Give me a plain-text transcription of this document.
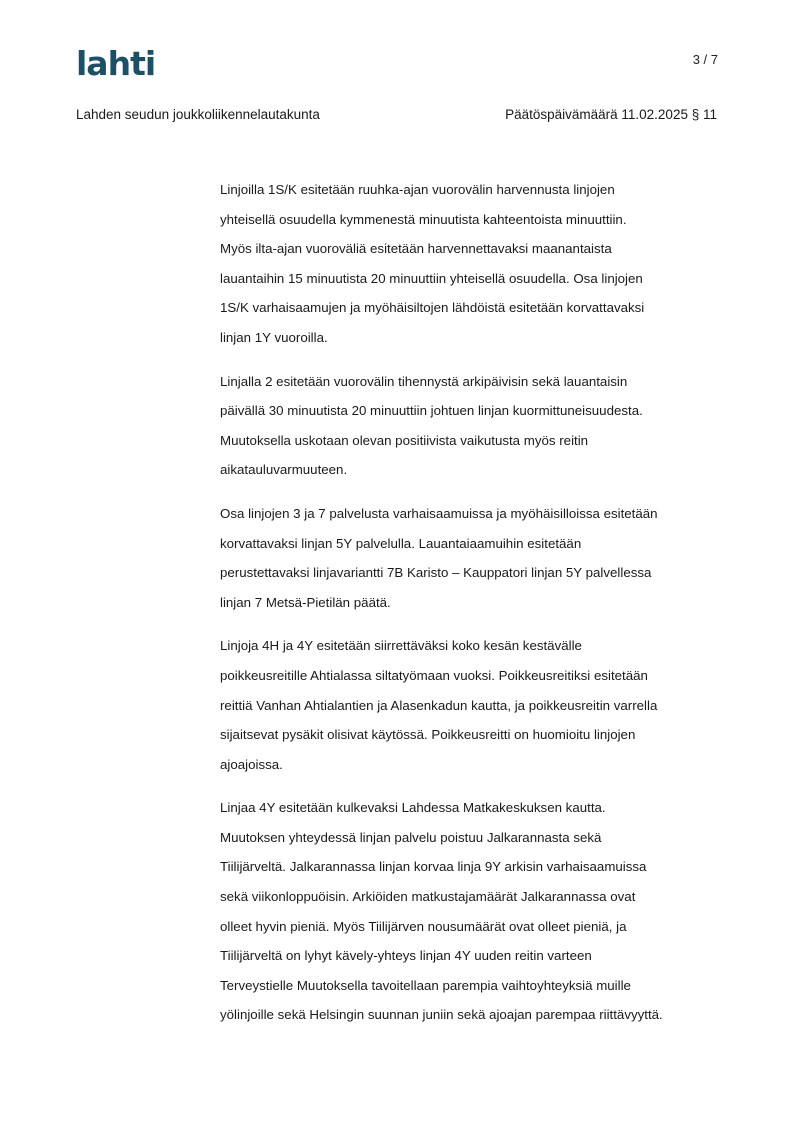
lahti	3 / 7
Lahden seudun joukkoliikennelautakunta	Päätöspäivämäärä 11.02.2025 § 11

Linjoilla 1S/K esitetään ruuhka-ajan vuorovälin harvennusta linjojen
yhteisellä osuudella kymmenestä minuutista kahteentoista minuuttiin.
Myös ilta-ajan vuoroväliä esitetään harvennettavaksi maanantaista
lauantaihin 15 minuutista 20 minuuttiin yhteisellä osuudella. Osa linjojen
1S/K varhaisaamujen ja myöhäisiltojen lähdöistä esitetään korvattavaksi
linjan 1Y vuoroilla.

Linjalla 2 esitetään vuorovälin tihennystä arkipäivisin sekä lauantaisin
päivällä 30 minuutista 20 minuuttiin johtuen linjan kuormittuneisuudesta.
Muutoksella uskotaan olevan positiivista vaikutusta myös reitin
aikatauluvarmuuteen.

Osa linjojen 3 ja 7 palvelusta varhaisaamuissa ja myöhäisilloissa esitetään
korvattavaksi linjan 5Y palvelulla. Lauantaiaamuihin esitetään
perustettavaksi linjavariantti 7B Karisto – Kauppatori linjan 5Y palvellessa
linjan 7 Metsä-Pietilän päätä.

Linjoja 4H ja 4Y esitetään siirrettäväksi koko kesän kestävälle
poikkeusreitille Ahtialassa siltatyömaan vuoksi. Poikkeusreitiksi esitetään
reittiä Vanhan Ahtialantien ja Alasenkadun kautta, ja poikkeusreitin varrella
sijaitsevat pysäkit olisivat käytössä. Poikkeusreitti on huomioitu linjojen
ajoajoissa.

Linjaa 4Y esitetään kulkevaksi Lahdessa Matkakeskuksen kautta.
Muutoksen yhteydessä linjan palvelu poistuu Jalkarannasta sekä
Tiilijärveltä. Jalkarannassa linjan korvaa linja 9Y arkisin varhaisaamuissa
sekä viikonloppuöisin. Arkiöiden matkustajamäärät Jalkarannassa ovat
olleet hyvin pieniä. Myös Tiilijärven nousumäärät ovat olleet pieniä, ja
Tiilijärveltä on lyhyt kävely-yhteys linjan 4Y uuden reitin varteen
Terveystielle Muutoksella tavoitellaan parempia vaihtoyhteyksiä muille
yölinjoille sekä Helsingin suunnan juniin sekä ajoajan parempaa riittävyyttä.
